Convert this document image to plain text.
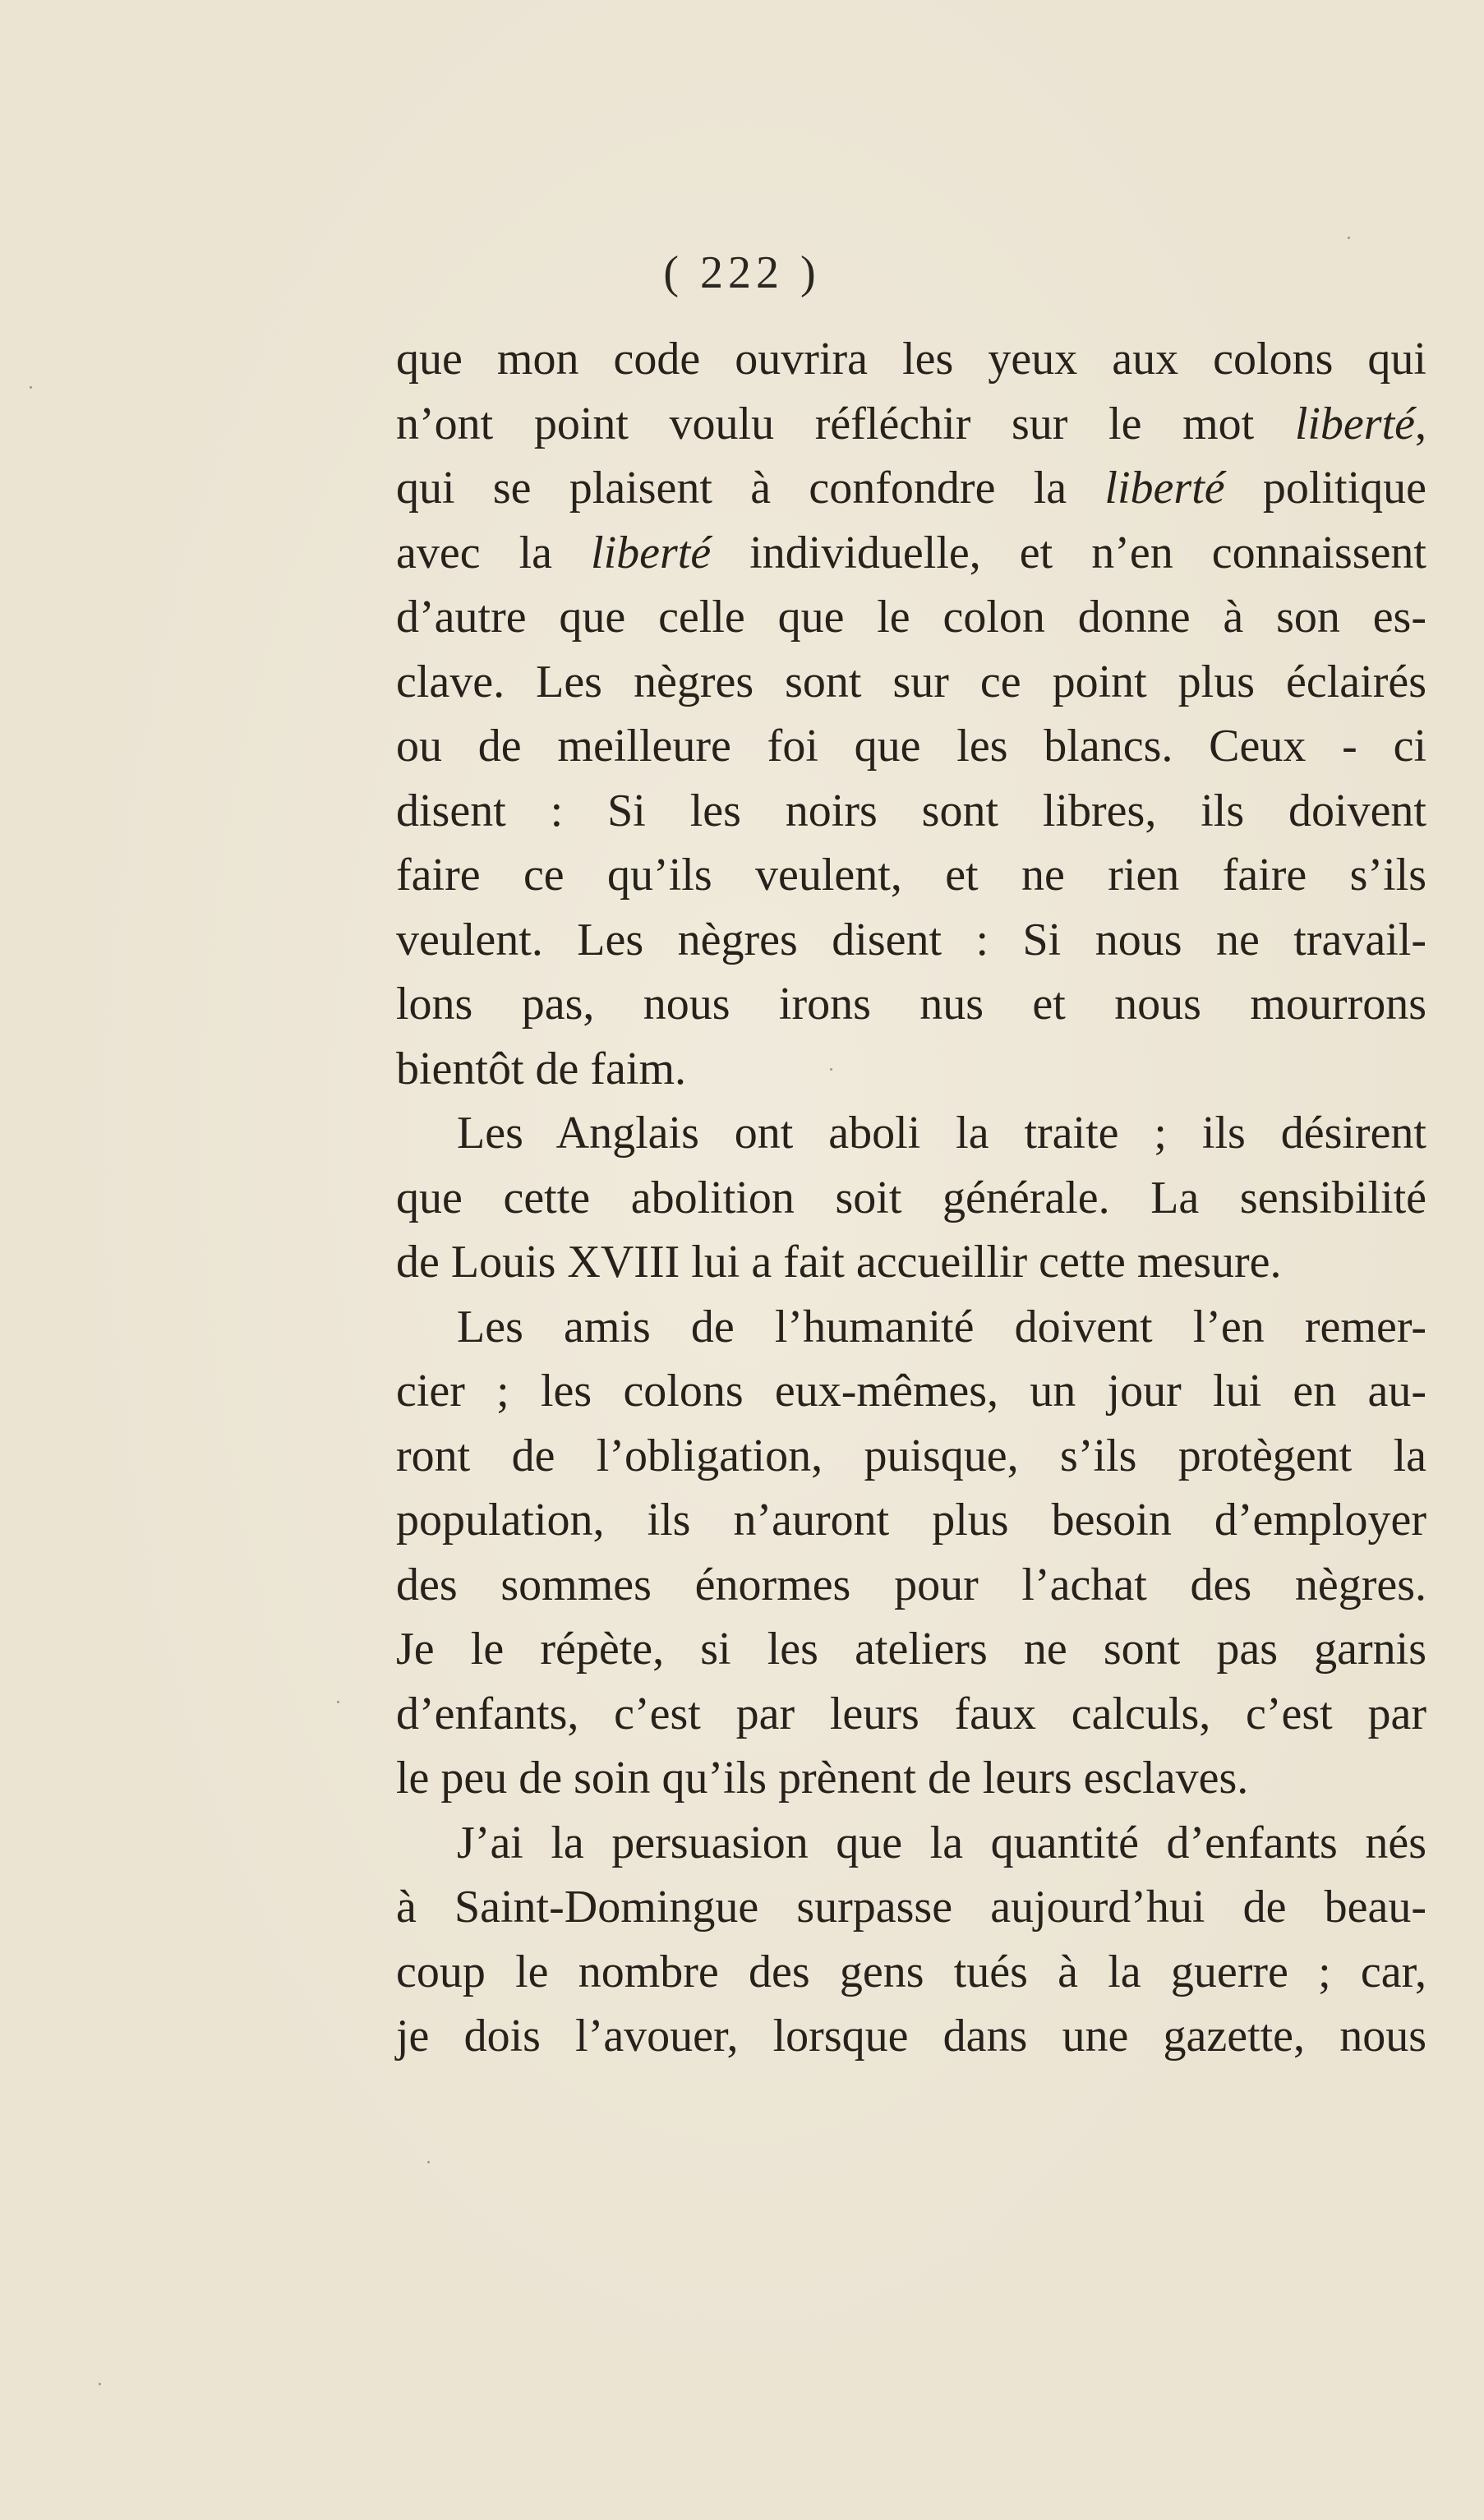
( 222 )
que mon code ouvrira les yeux aux colons qui
n’ont point voulu réfléchir sur le mot liberté,
qui se plaisent à confondre la liberté politique
avec la liberté individuelle, et n’en connaissent
d’autre que celle que le colon donne à son es-
clave. Les nègres sont sur ce point plus éclairés
ou de meilleure foi que les blancs. Ceux - ci
disent : Si les noirs sont libres, ils doivent
faire ce qu’ils veulent, et ne rien faire s’ils
veulent. Les nègres disent : Si nous ne travail-
lons pas, nous irons nus et nous mourrons
bientôt de faim.
Les Anglais ont aboli la traite ; ils désirent
que cette abolition soit générale. La sensibilité
de Louis XVIII lui a fait accueillir cette mesure.
Les amis de l’humanité doivent l’en remer-
cier ; les colons eux-mêmes, un jour lui en au-
ront de l’obligation, puisque, s’ils protègent la
population, ils n’auront plus besoin d’employer
des sommes énormes pour l’achat des nègres.
Je le répète, si les ateliers ne sont pas garnis
d’enfants, c’est par leurs faux calculs, c’est par
le peu de soin qu’ils prènent de leurs esclaves.
J’ai la persuasion que la quantité d’enfants nés
à Saint-Domingue surpasse aujourd’hui de beau-
coup le nombre des gens tués à la guerre ; car,
je dois l’avouer, lorsque dans une gazette, nous
